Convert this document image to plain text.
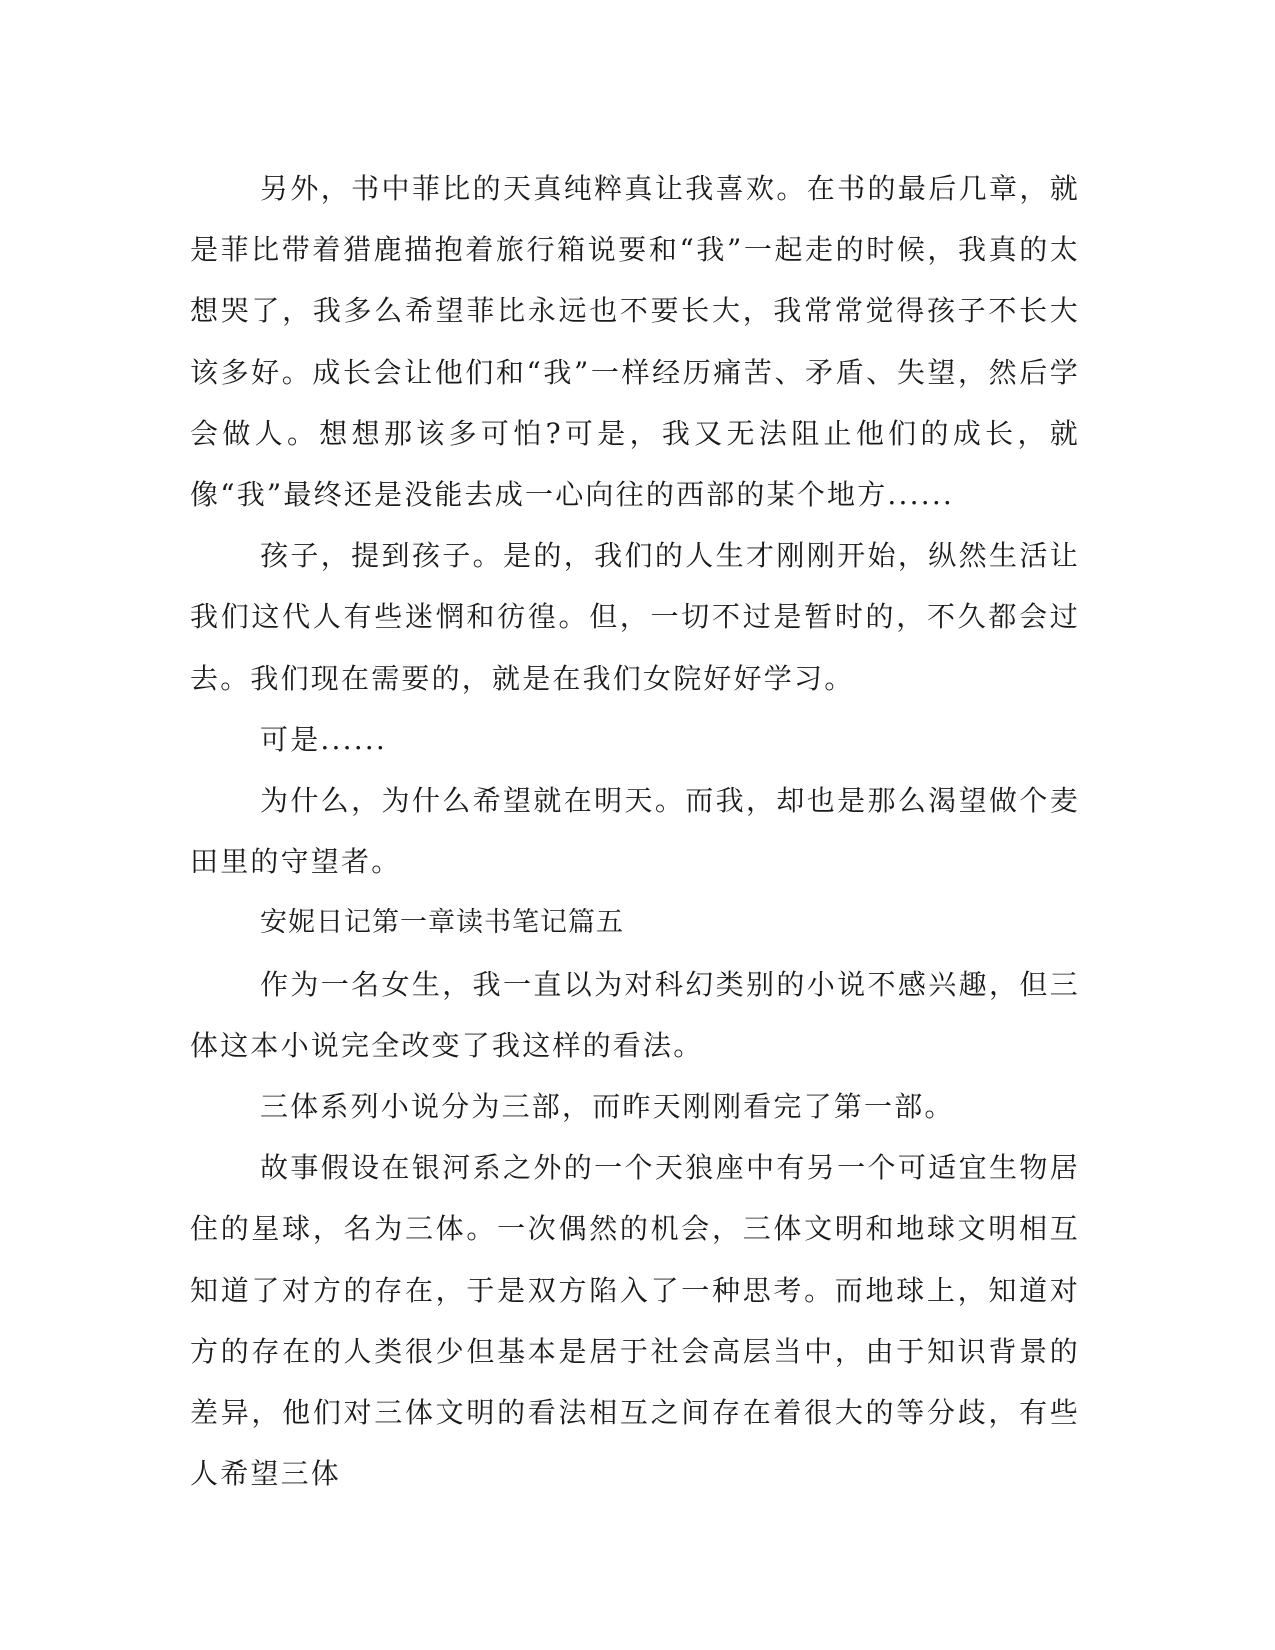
另外，书中菲比的天真纯粹真让我喜欢。在书的最后几章，就是菲比带着猎鹿描抱着旅行箱说要和“我”一起走的时候，我真的太想哭了，我多么希望菲比永远也不要长大，我常常觉得孩子不长大该多好。成长会让他们和“我”一样经历痛苦、矛盾、失望，然后学会做人。想想那该多可怕?可是，我又无法阻止他们的成长，就像“我”最终还是没能去成一心向往的西部的某个地方......

孩子，提到孩子。是的，我们的人生才刚刚开始，纵然生活让我们这代人有些迷惘和彷徨。但，一切不过是暂时的，不久都会过去。我们现在需要的，就是在我们女院好好学习。

可是......

为什么，为什么希望就在明天。而我，却也是那么渴望做个麦田里的守望者。

安妮日记第一章读书笔记篇五

作为一名女生，我一直以为对科幻类别的小说不感兴趣，但三体这本小说完全改变了我这样的看法。

三体系列小说分为三部，而昨天刚刚看完了第一部。

故事假设在银河系之外的一个天狼座中有另一个可适宜生物居住的星球，名为三体。一次偶然的机会，三体文明和地球文明相互知道了对方的存在，于是双方陷入了一种思考。而地球上，知道对方的存在的人类很少但基本是居于社会高层当中，由于知识背景的差异，他们对三体文明的看法相互之间存在着很大的等分歧，有些人希望三体
